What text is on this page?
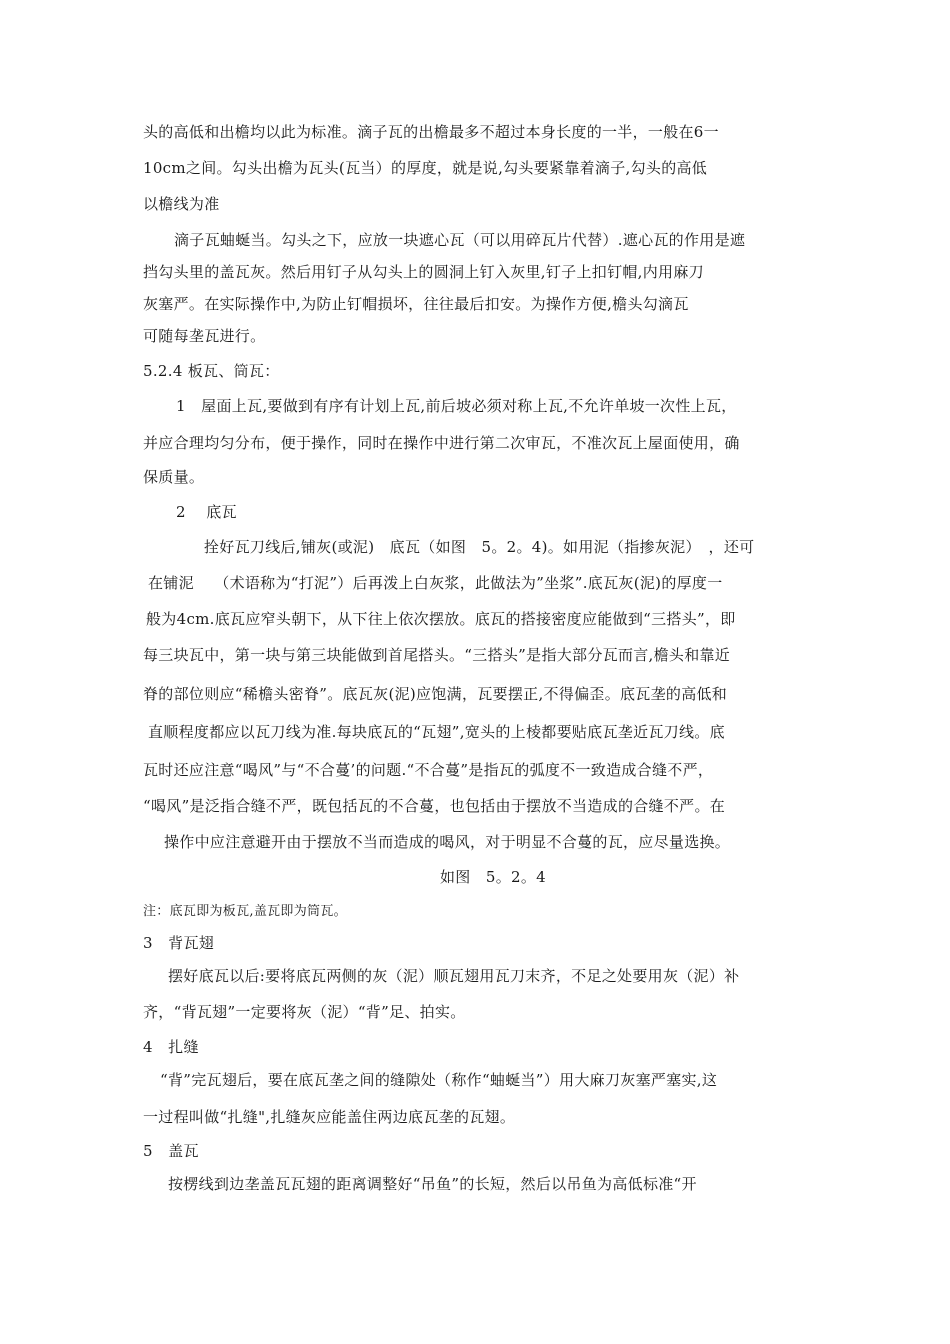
头的高低和出檐均以此为标准。滴子瓦的出檐最多不超过本身长度的一半，一般在6一
10cm之间。勾头出檐为瓦头(瓦当）的厚度，就是说,勾头要紧靠着滴子,勾头的高低
以檐线为准
滴子瓦蚰蜒当。勾头之下，应放一块遮心瓦（可以用碎瓦片代替）.遮心瓦的作用是遮
挡勾头里的盖瓦灰。然后用钉子从勾头上的圆洞上钉入灰里,钉子上扣钉帽,内用麻刀
灰塞严。在实际操作中,为防止钉帽损坏，往往最后扣安。为操作方便,檐头勾滴瓦
可随每垄瓦进行。
5.2.4 板瓦、筒瓦：
1　屋面上瓦,要做到有序有计划上瓦,前后坡必须对称上瓦,不允许单坡一次性上瓦，
并应合理均匀分布，便于操作，同时在操作中进行第二次审瓦，不准次瓦上屋面使用，确
保质量。
2　 底瓦
拴好瓦刀线后,铺灰(或泥)　底瓦（如图　5。2。4)。如用泥（指掺灰泥）　，还可
在铺泥　 （术语称为“打泥”）后再泼上白灰浆，此做法为”坐浆”.底瓦灰(泥)的厚度一
般为4cm.底瓦应窄头朝下，从下往上依次摆放。底瓦的搭接密度应能做到“三搭头”，即
每三块瓦中，第一块与第三块能做到首尾搭头。“三搭头”是指大部分瓦而言,檐头和靠近
脊的部位则应“稀檐头密脊”。底瓦灰(泥)应饱满，瓦要摆正,不得偏歪。底瓦垄的高低和
直顺程度都应以瓦刀线为准.每块底瓦的“瓦翅”,宽头的上棱都要贴底瓦垄近瓦刀线。底
瓦时还应注意“喝风”与“不合蔓’的问题.“不合蔓”是指瓦的弧度不一致造成合缝不严，
“喝风”是泛指合缝不严，既包括瓦的不合蔓，也包括由于摆放不当造成的合缝不严。在
操作中应注意避开由于摆放不当而造成的喝风，对于明显不合蔓的瓦，应尽量选换。
如图　5。2。4
注：底瓦即为板瓦,盖瓦即为筒瓦。
3　背瓦翅
摆好底瓦以后:要将底瓦两侧的灰（泥）顺瓦翅用瓦刀末齐，不足之处要用灰（泥）补
齐，“背瓦翅”一定要将灰（泥）“背”足、拍实。
4　扎缝
“背”完瓦翅后，要在底瓦垄之间的缝隙处（称作“蚰蜒当”）用大麻刀灰塞严塞实,这
一过程叫做“扎缝",扎缝灰应能盖住两边底瓦垄的瓦翅。
5　盖瓦
按楞线到边垄盖瓦瓦翅的距离调整好“吊鱼”的长短，然后以吊鱼为高低标准“开
